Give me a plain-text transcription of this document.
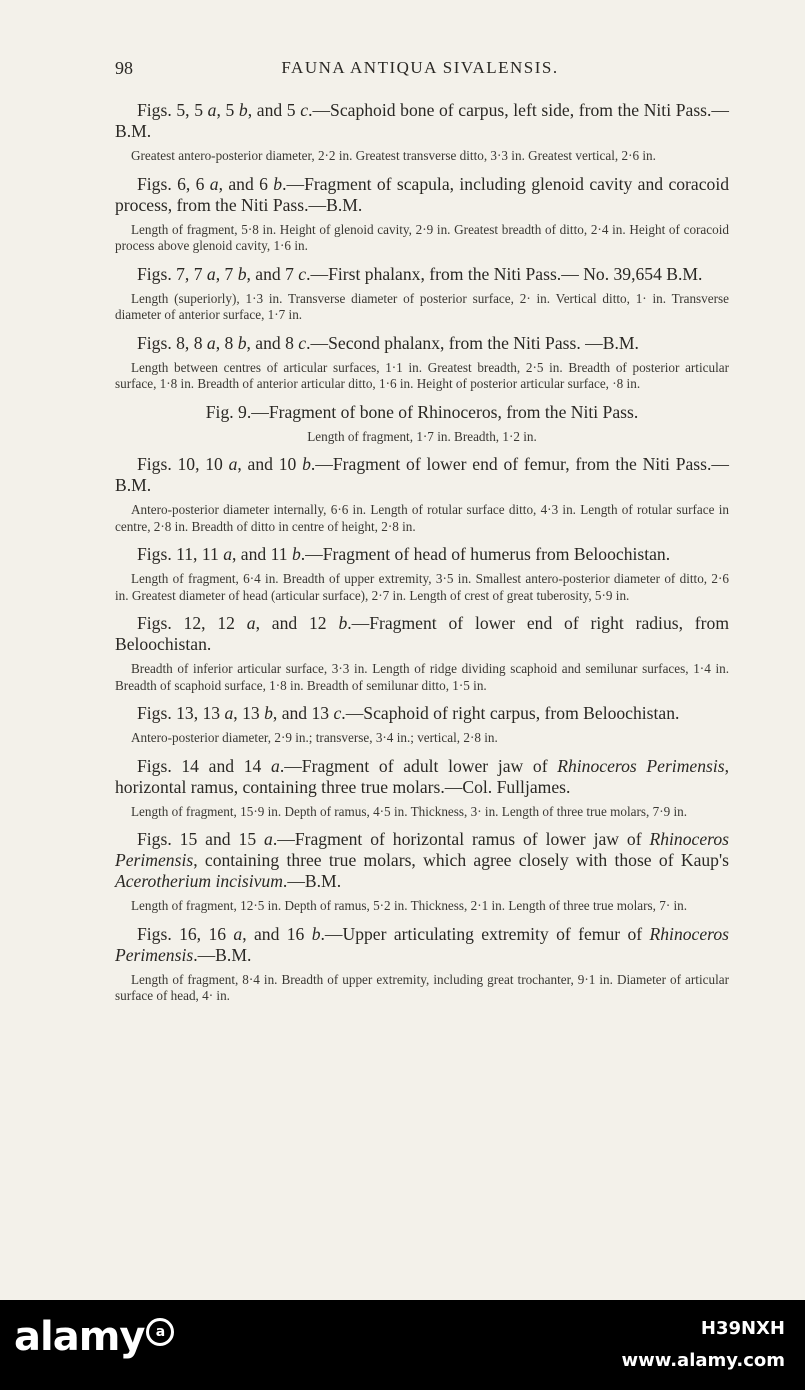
98	FAUNA ANTIQUA SIVALENSIS.

Figs. 5, 5 a, 5 b, and 5 c.—Scaphoid bone of carpus, left side, from the Niti Pass.—B.M.

Greatest antero-posterior diameter, 2·2 in. Greatest transverse ditto, 3·3 in. Greatest vertical, 2·6 in.

Figs. 6, 6 a, and 6 b.—Fragment of scapula, including glenoid cavity and coracoid process, from the Niti Pass.—B.M.

Length of fragment, 5·8 in. Height of glenoid cavity, 2·9 in. Greatest breadth of ditto, 2·4 in. Height of coracoid process above glenoid cavity, 1·6 in.

Figs. 7, 7 a, 7 b, and 7 c.—First phalanx, from the Niti Pass.— No. 39,654 B.M.

Length (superiorly), 1·3 in. Transverse diameter of posterior surface, 2· in. Vertical ditto, 1· in. Transverse diameter of anterior surface, 1·7 in.

Figs. 8, 8 a, 8 b, and 8 c.—Second phalanx, from the Niti Pass. —B.M.

Length between centres of articular surfaces, 1·1 in. Greatest breadth, 2·5 in. Breadth of posterior articular surface, 1·8 in. Breadth of anterior articular ditto, 1·6 in. Height of posterior articular surface, ·8 in.

Fig. 9.—Fragment of bone of Rhinoceros, from the Niti Pass.

Length of fragment, 1·7 in. Breadth, 1·2 in.

Figs. 10, 10 a, and 10 b.—Fragment of lower end of femur, from the Niti Pass.—B.M.

Antero-posterior diameter internally, 6·6 in. Length of rotular surface ditto, 4·3 in. Length of rotular surface in centre, 2·8 in. Breadth of ditto in centre of height, 2·8 in.

Figs. 11, 11 a, and 11 b.—Fragment of head of humerus from Beloochistan.

Length of fragment, 6·4 in. Breadth of upper extremity, 3·5 in. Smallest antero-posterior diameter of ditto, 2·6 in. Greatest diameter of head (articular surface), 2·7 in. Length of crest of great tuberosity, 5·9 in.

Figs. 12, 12 a, and 12 b.—Fragment of lower end of right radius, from Beloochistan.

Breadth of inferior articular surface, 3·3 in. Length of ridge dividing scaphoid and semilunar surfaces, 1·4 in. Breadth of scaphoid surface, 1·8 in. Breadth of semilunar ditto, 1·5 in.

Figs. 13, 13 a, 13 b, and 13 c.—Scaphoid of right carpus, from Beloochistan.

Antero-posterior diameter, 2·9 in.; transverse, 3·4 in.; vertical, 2·8 in.

Figs. 14 and 14 a.—Fragment of adult lower jaw of Rhinoceros Perimensis, horizontal ramus, containing three true molars.—Col. Fulljames.

Length of fragment, 15·9 in. Depth of ramus, 4·5 in. Thickness, 3· in. Length of three true molars, 7·9 in.

Figs. 15 and 15 a.—Fragment of horizontal ramus of lower jaw of Rhinoceros Perimensis, containing three true molars, which agree closely with those of Kaup's Acerotherium incisivum.—B.M.

Length of fragment, 12·5 in. Depth of ramus, 5·2 in. Thickness, 2·1 in. Length of three true molars, 7· in.

Figs. 16, 16 a, and 16 b.—Upper articulating extremity of femur of Rhinoceros Perimensis.—B.M.

Length of fragment, 8·4 in. Breadth of upper extremity, including great trochanter, 9·1 in. Diameter of articular surface of head, 4· in.

alamy a	H39NXH
www.alamy.com
